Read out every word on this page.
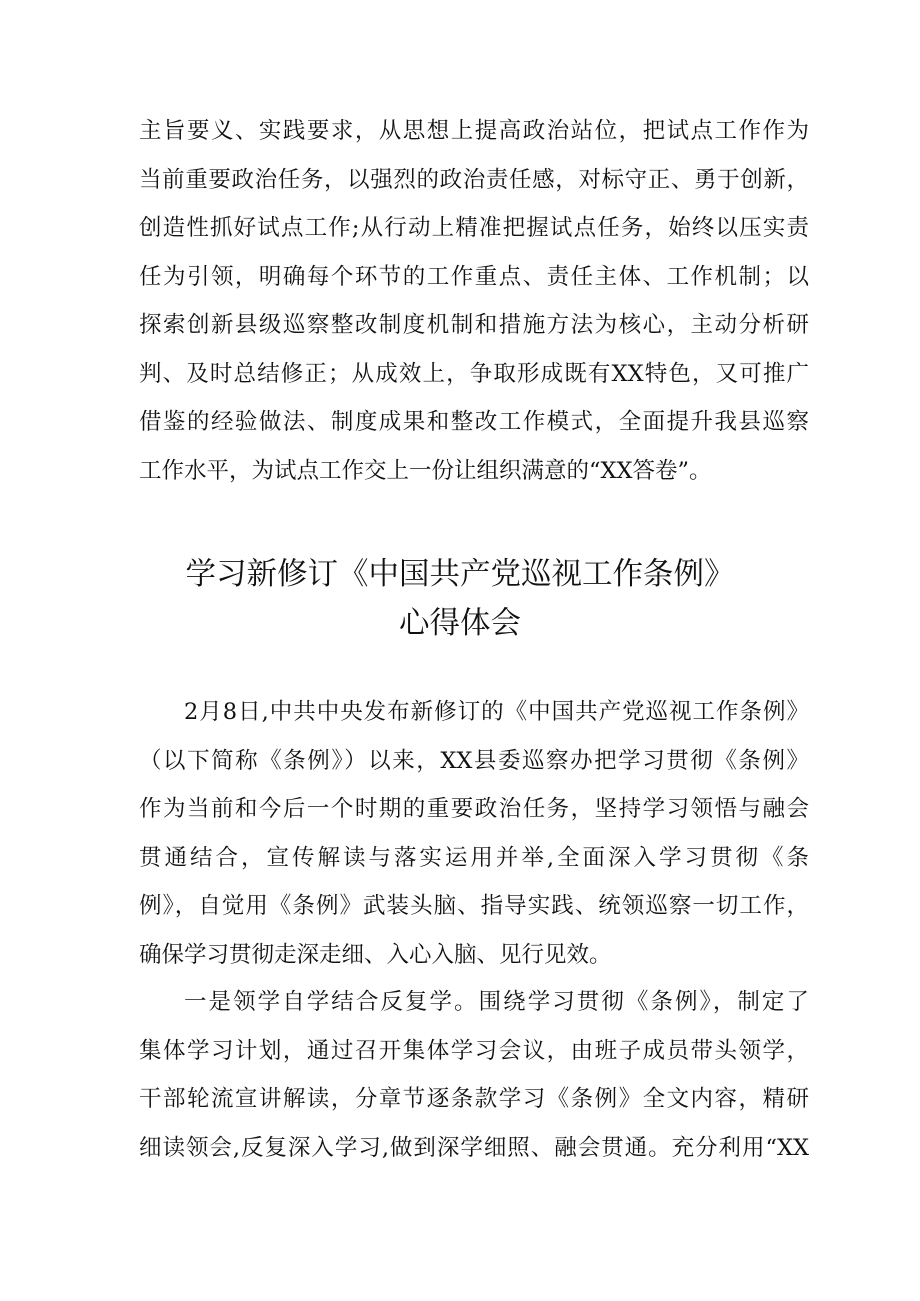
主旨要义、实践要求，从思想上提高政治站位，把试点工作作为
当前重要政治任务，以强烈的政治责任感，对标守正、勇于创新，
创造性抓好试点工作;从行动上精准把握试点任务，始终以压实责
任为引领，明确每个环节的工作重点、责任主体、工作机制；以
探索创新县级巡察整改制度机制和措施方法为核心，主动分析研
判、及时总结修正；从成效上，争取形成既有XX特色，又可推广
借鉴的经验做法、制度成果和整改工作模式，全面提升我县巡察
工作水平，为试点工作交上一份让组织满意的“XX答卷”。
学习新修订《中国共产党巡视工作条例》
心得体会
2月8日,中共中央发布新修订的《中国共产党巡视工作条例》
（以下简称《条例》）以来，XX县委巡察办把学习贯彻《条例》
作为当前和今后一个时期的重要政治任务，坚持学习领悟与融会
贯通结合，宣传解读与落实运用并举,全面深入学习贯彻《条
例》，自觉用《条例》武装头脑、指导实践、统领巡察一切工作，
确保学习贯彻走深走细、入心入脑、见行见效。
一是领学自学结合反复学。围绕学习贯彻《条例》，制定了
集体学习计划，通过召开集体学习会议，由班子成员带头领学，
干部轮流宣讲解读，分章节逐条款学习《条例》全文内容，精研
细读领会,反复深入学习,做到深学细照、融会贯通。充分利用“XX
